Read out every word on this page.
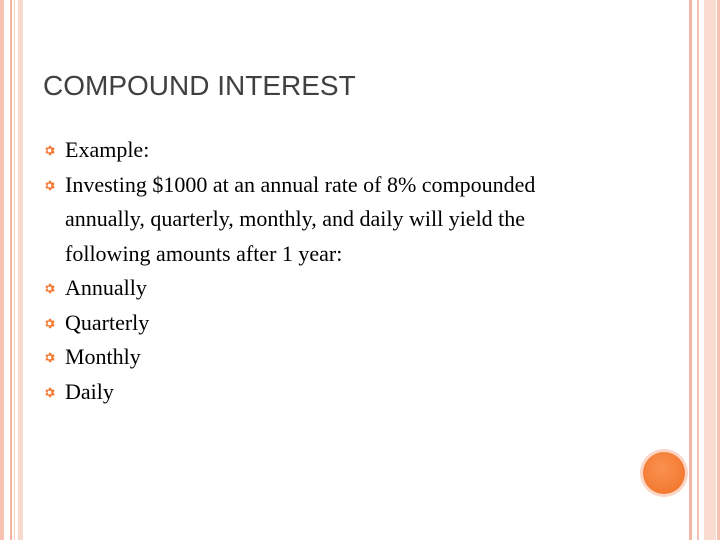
COMPOUND INTEREST
Example:
Investing $1000 at an annual rate of 8% compounded annually, quarterly, monthly, and daily will yield the following amounts after 1 year:
Annually
Quarterly
Monthly
Daily
